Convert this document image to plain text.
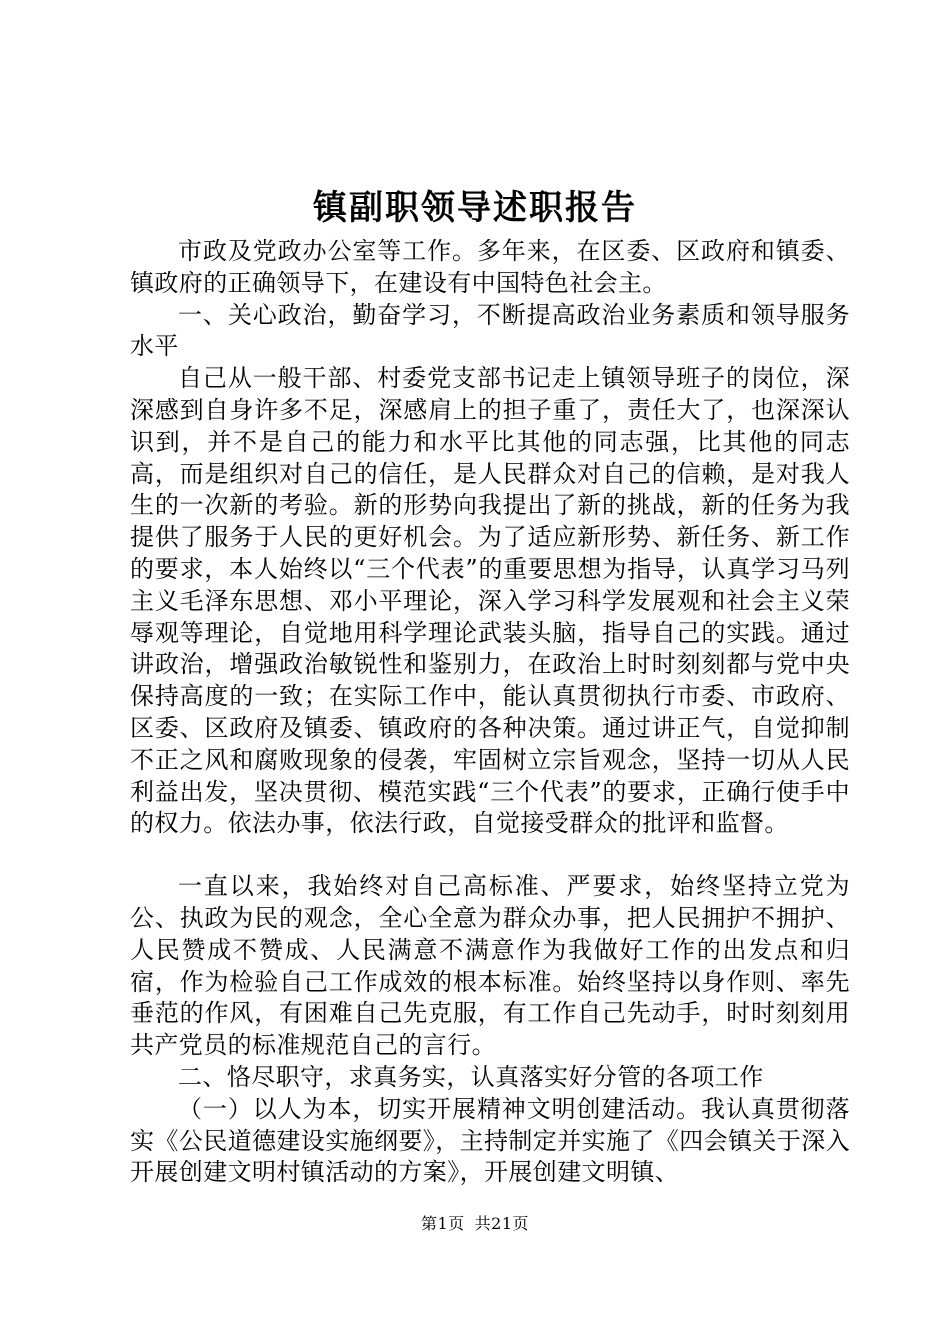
镇副职领导述职报告

市政及党政办公室等工作。多年来，在区委、区政府和镇委、镇政府的正确领导下，在建设有中国特色社会主。

一、关心政治，勤奋学习，不断提高政治业务素质和领导服务水平

自己从一般干部、村委党支部书记走上镇领导班子的岗位，深深感到自身许多不足，深感肩上的担子重了，责任大了，也深深认识到，并不是自己的能力和水平比其他的同志强，比其他的同志高，而是组织对自己的信任，是人民群众对自己的信赖，是对我人生的一次新的考验。新的形势向我提出了新的挑战，新的任务为我提供了服务于人民的更好机会。为了适应新形势、新任务、新工作的要求，本人始终以“三个代表”的重要思想为指导，认真学习马列主义毛泽东思想、邓小平理论，深入学习科学发展观和社会主义荣辱观等理论，自觉地用科学理论武装头脑，指导自己的实践。通过讲政治，增强政治敏锐性和鉴别力，在政治上时时刻刻都与党中央保持高度的一致；在实际工作中，能认真贯彻执行市委、市政府、区委、区政府及镇委、镇政府的各种决策。通过讲正气，自觉抑制不正之风和腐败现象的侵袭，牢固树立宗旨观念，坚持一切从人民利益出发，坚决贯彻、模范实践“三个代表”的要求，正确行使手中的权力。依法办事，依法行政，自觉接受群众的批评和监督。

一直以来，我始终对自己高标准、严要求，始终坚持立党为公、执政为民的观念，全心全意为群众办事，把人民拥护不拥护、人民赞成不赞成、人民满意不满意作为我做好工作的出发点和归宿，作为检验自己工作成效的根本标准。始终坚持以身作则、率先垂范的作风，有困难自己先克服，有工作自己先动手，时时刻刻用共产党员的标准规范自己的言行。

二、恪尽职守，求真务实，认真落实好分管的各项工作

（一）以人为本，切实开展精神文明创建活动。我认真贯彻落实《公民道德建设实施纲要》，主持制定并实施了《四会镇关于深入开展创建文明村镇活动的方案》，开展创建文明镇、

第1页 共21页
